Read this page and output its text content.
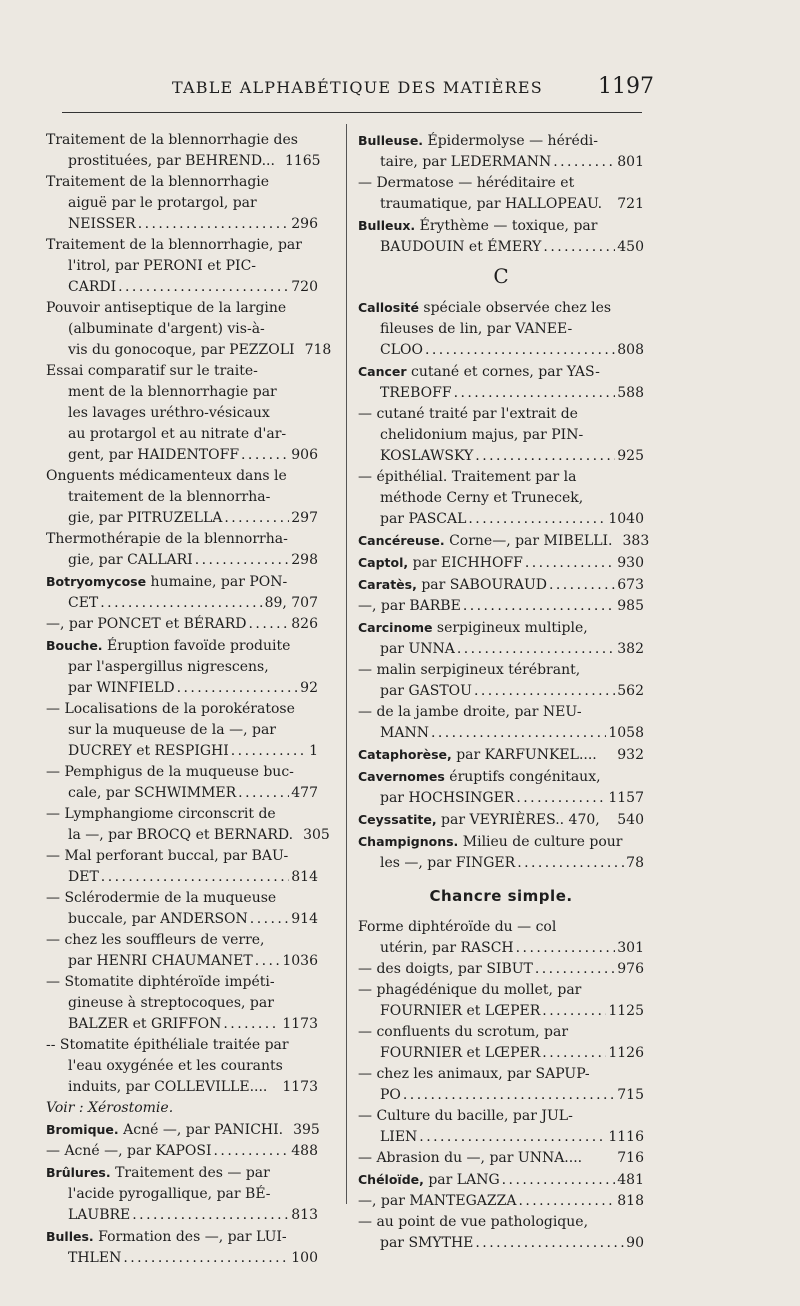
TABLE ALPHABÉTIQUE DES MATIÈRES	1197
Traitement de la blennorrhagie des
prostituées, par BEHREND... 1165
Traitement de la blennorrhagie
aiguë par le protargol, par
NEISSER . . .	296
Traitement de la blennorrhagie, par
l'itrol, par PERONI et PIC-
CARDI . . .	720
Pouvoir antiseptique de la largine
(albuminate d'argent) vis-à-
vis du gonocoque, par PEZZOLI 718
Essai comparatif sur le traite-
ment de la blennorrhagie par
les lavages uréthro-vésicaux
au protargol et au nitrate d'ar-
gent, par HAIDENTOFF . . .	906
Onguents médicamenteux dans le
traitement de la blennorrha-
gie, par PITRUZELLA . . .	297
Thermothérapie de la blennorrha-
gie, par CALLARI . . .	298
Botryomycose
humaine, par PON-
CET . . .	89, 707
—, par PONCET et BÉRARD . . .	826
Bouche.
Éruption favoïde produite
par l'aspergillus nigrescens,
par WINFIELD . . .	92
— Localisations de la porokératose
sur la muqueuse de la —, par
DUCREY et RESPIGHI . . .	1
— Pemphigus de la muqueuse buc-
cale, par SCHWIMMER . . .	477
— Lymphangiome circonscrit de
la —, par BROCQ et BERNARD. 305
— Mal perforant buccal, par BAU-
DET . . .	814
— Sclérodermie de la muqueuse
buccale, par ANDERSON . . .	914
— chez les souffleurs de verre,
par HENRI CHAUMANET . . . 1036
— Stomatite diphtéroïde impéti-
gineuse à streptocoques, par
BALZER et GRIFFON . . .	1173
-- Stomatite épithéliale traitée par
l'eau oxygénée et les courants
induits, par COLLEVILLE.... 1173
Voir : Xérostomie.
Bromique.
Acné —, par PANICHI. 395
— Acné —, par KAPOSI . . .	488
Brûlures.
Traitement des — par
l'acide pyrogallique, par BÉ-
LAUBRE . . .	813
Bulles.
Formation des —, par LUI-
THLEN . . .	100
Bulleuse.
Épidermolyse — hérédi-
taire, par LEDERMANN . . .	801
— Dermatose — héréditaire et
traumatique, par HALLOPEAU. 721
Bulleux.
Érythème — toxique, par
BAUDOUIN et ÉMERY . . .	450
C
Callosité
spéciale observée chez les
fileuses de lin, par VANEE-
CLOO . . .	808
Cancer
cutané et cornes, par YAS-
TREBOFF . . .	588
— cutané traité par l'extrait de
chelidonium majus, par PIN-
KOSLAWSKY . . .	925
— épithélial. Traitement par la
méthode Cerny et Trunecek,
par PASCAL . . .	1040
Cancéreuse.
Corne—, par MIBELLI. 383
Captol,
par EICHHOFF . . .	930
Caratès,
par SABOURAUD . . .	673
—, par BARBE . . .	985
Carcinome
serpigineux multiple,
par UNNA . . .	382
— malin serpigineux térébrant,
par GASTOU . . .	562
— de la jambe droite, par NEU-
MANN . . .	1058
Cataphorèse,
par KARFUNKEL.... 932
Cavernomes
éruptifs congénitaux,
par HOCHSINGER . . .	1157
Ceyssatite,
par VEYRIÈRES.. 470, 540
Champignons.
Milieu de culture pour
les —, par FINGER . . .	78
Chancre simple.
Forme diphtéroïde du — col
utérin, par RASCH . . .	301
— des doigts, par SIBUT . . .	976
— phagédénique du mollet, par
FOURNIER et LŒPER . . .	1125
— confluents du scrotum, par
FOURNIER et LŒPER . . .	1126
— chez les animaux, par SAPUP-
PO . . .	715
— Culture du bacille, par JUL-
LIEN . . .	1116
— Abrasion du —, par UNNA....	716
Chéloïde,
par LANG . . .	481
—, par MANTEGAZZA . . .	818
— au point de vue pathologique,
par SMYTHE . . .	90
